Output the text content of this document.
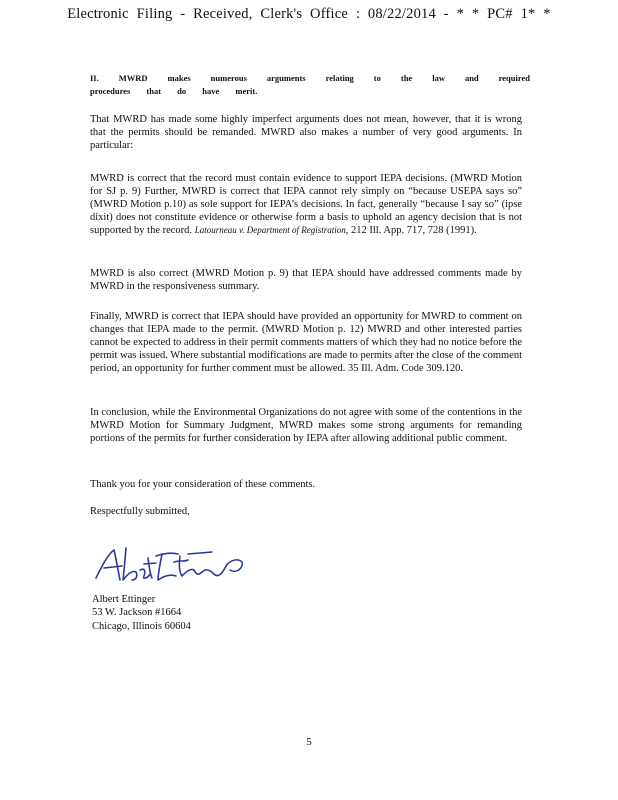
Electronic Filing - Received, Clerk's Office : 08/22/2014 - * * PC# 1* *
II. MWRD makes numerous arguments relating to the law and required procedures that do have merit.
That MWRD has made some highly imperfect arguments does not mean, however, that it is wrong that the permits should be remanded. MWRD also makes a number of very good arguments. In particular:
MWRD is correct that the record must contain evidence to support IEPA decisions. (MWRD Motion for SJ p. 9) Further, MWRD is correct that IEPA cannot rely simply on “because USEPA says so” (MWRD Motion p.10) as sole support for IEPA’s decisions. In fact, generally “because I say so” (ipse dixit) does not constitute evidence or otherwise form a basis to uphold an agency decision that is not supported by the record. Latourneau v. Department of Registration, 212 Ill. App. 717, 728 (1991).
MWRD is also correct (MWRD Motion p. 9) that IEPA should have addressed comments made by MWRD in the responsiveness summary.
Finally, MWRD is correct that IEPA should have provided an opportunity for MWRD to comment on changes that IEPA made to the permit. (MWRD Motion p. 12) MWRD and other interested parties cannot be expected to address in their permit comments matters of which they had no notice before the permit was issued. Where substantial modifications are made to permits after the close of the comment period, an opportunity for further comment must be allowed. 35 Ill. Adm. Code 309.120.
In conclusion, while the Environmental Organizations do not agree with some of the contentions in the MWRD Motion for Summary Judgment, MWRD makes some strong arguments for remanding portions of the permits for further consideration by IEPA after allowing additional public comment.
Thank you for your consideration of these comments.
Respectfully submitted,
Albert Ettinger
53 W. Jackson #1664
Chicago, Illinois 60604
5
